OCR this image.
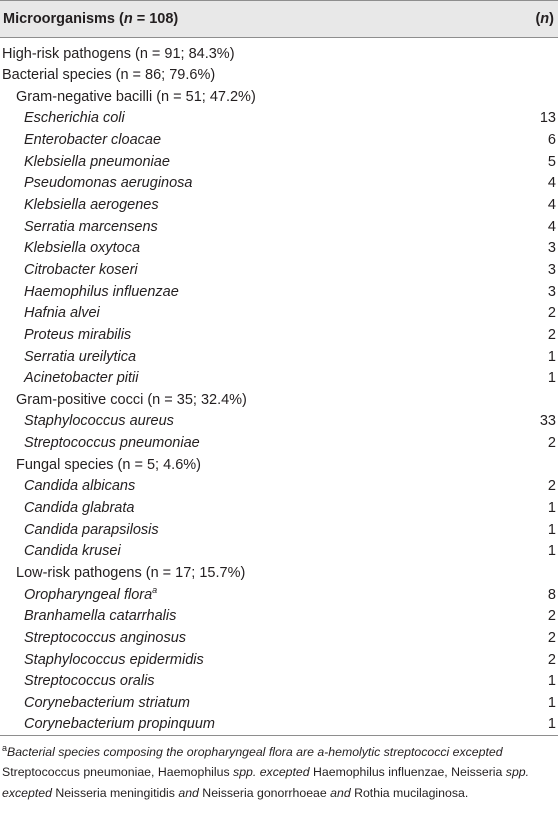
Microorganisms (n = 108)	(n)
High-risk pathogens (n = 91; 84.3%)
Bacterial species (n = 86; 79.6%)
Gram-negative bacilli (n = 51; 47.2%)
Escherichia coli	13
Enterobacter cloacae	6
Klebsiella pneumoniae	5
Pseudomonas aeruginosa	4
Klebsiella aerogenes	4
Serratia marcensens	4
Klebsiella oxytoca	3
Citrobacter koseri	3
Haemophilus influenzae	3
Hafnia alvei	2
Proteus mirabilis	2
Serratia ureilytica	1
Acinetobacter pitii	1
Gram-positive cocci (n = 35; 32.4%)
Staphylococcus aureus	33
Streptococcus pneumoniae	2
Fungal species (n = 5; 4.6%)
Candida albicans	2
Candida glabrata	1
Candida parapsilosis	1
Candida krusei	1
Low-risk pathogens (n = 17; 15.7%)
Oropharyngeal flora$^a$	8
Branhamella catarrhalis	2
Streptococcus anginosus	2
Staphylococcus epidermidis	2
Streptococcus oralis	1
Corynebacterium striatum	1
Corynebacterium propinquum	1
$^a$Bacterial species composing the oropharyngeal flora are a-hemolytic streptococci excepted Streptococcus pneumoniae, Haemophilus spp. excepted Haemophilus influenzae, Neisseria spp. excepted Neisseria meningitidis and Neisseria gonorrhoeae and Rothia mucilaginosa.
